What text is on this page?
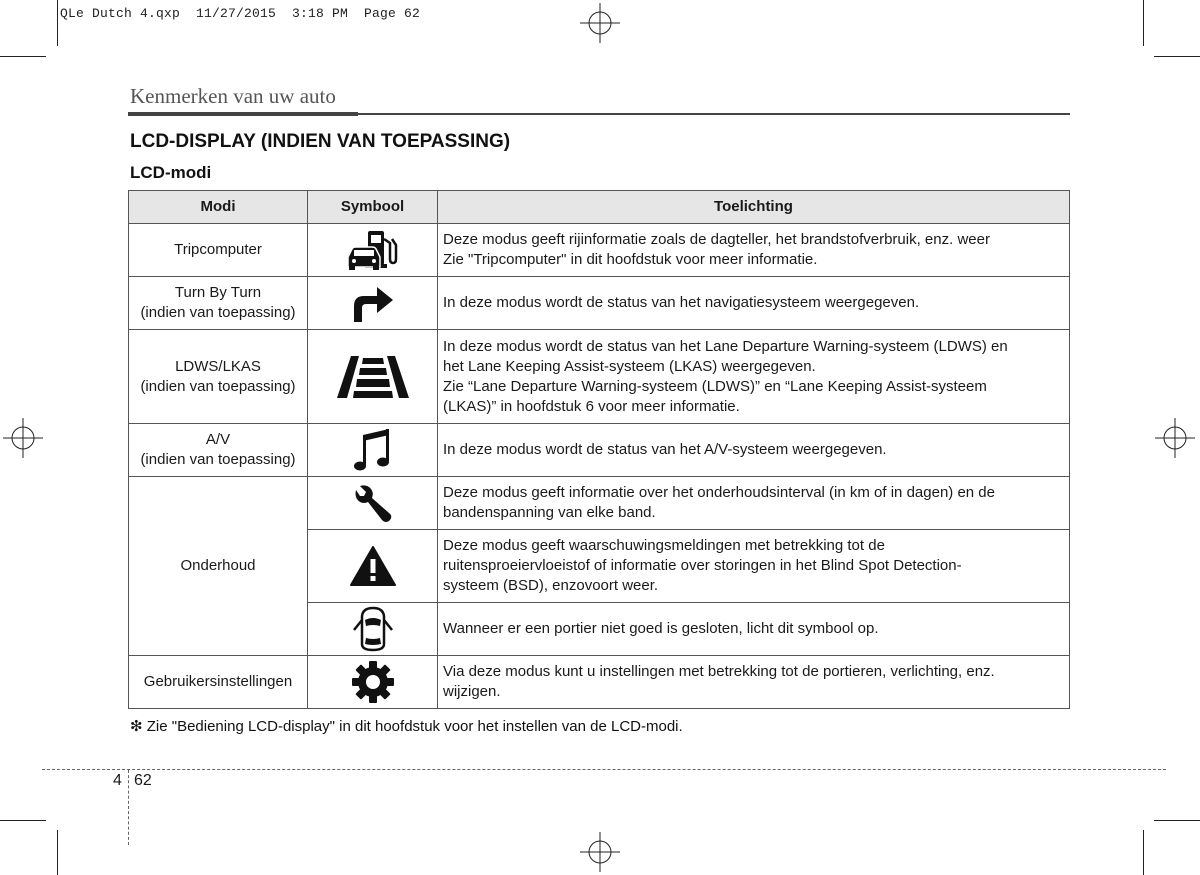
QLe Dutch 4.qxp  11/27/2015  3:18 PM  Page 62
Kenmerken van uw auto
LCD-DISPLAY (INDIEN VAN TOEPASSING)
LCD-modi
Modi	Symbool	Toelichting

Tripcomputer		Deze modus geeft rijinformatie zoals de dagteller, het brandstofverbruik, enz. weer
Zie "Tripcomputer" in dit hoofdstuk voor meer informatie.

Turn By Turn
(indien van toepassing)		In deze modus wordt de status van het navigatiesysteem weergegeven.

LDWS/LKAS
(indien van toepassing)		In deze modus wordt de status van het Lane Departure Warning-systeem (LDWS) en
het Lane Keeping Assist-systeem (LKAS) weergegeven.
Zie “Lane Departure Warning-systeem (LDWS)” en “Lane Keeping Assist-systeem
(LKAS)” in hoofdstuk 6 voor meer informatie.

A/V
(indien van toepassing)		In deze modus wordt de status van het A/V-systeem weergegeven.

Onderhoud		Deze modus geeft informatie over het onderhoudsinterval (in km of in dagen) en de
bandenspanning van elke band.

Deze modus geeft waarschuwingsmeldingen met betrekking tot de
ruitensproeiervloeistof of informatie over storingen in het Blind Spot Detection-
systeem (BSD), enzovoort weer.

Wanneer er een portier niet goed is gesloten, licht dit symbool op.

Gebruikersinstellingen		Via deze modus kunt u instellingen met betrekking tot de portieren, verlichting, enz.
wijzigen.
❇ Zie "Bediening LCD-display" in dit hoofdstuk voor het instellen van de LCD-modi.
4 62
